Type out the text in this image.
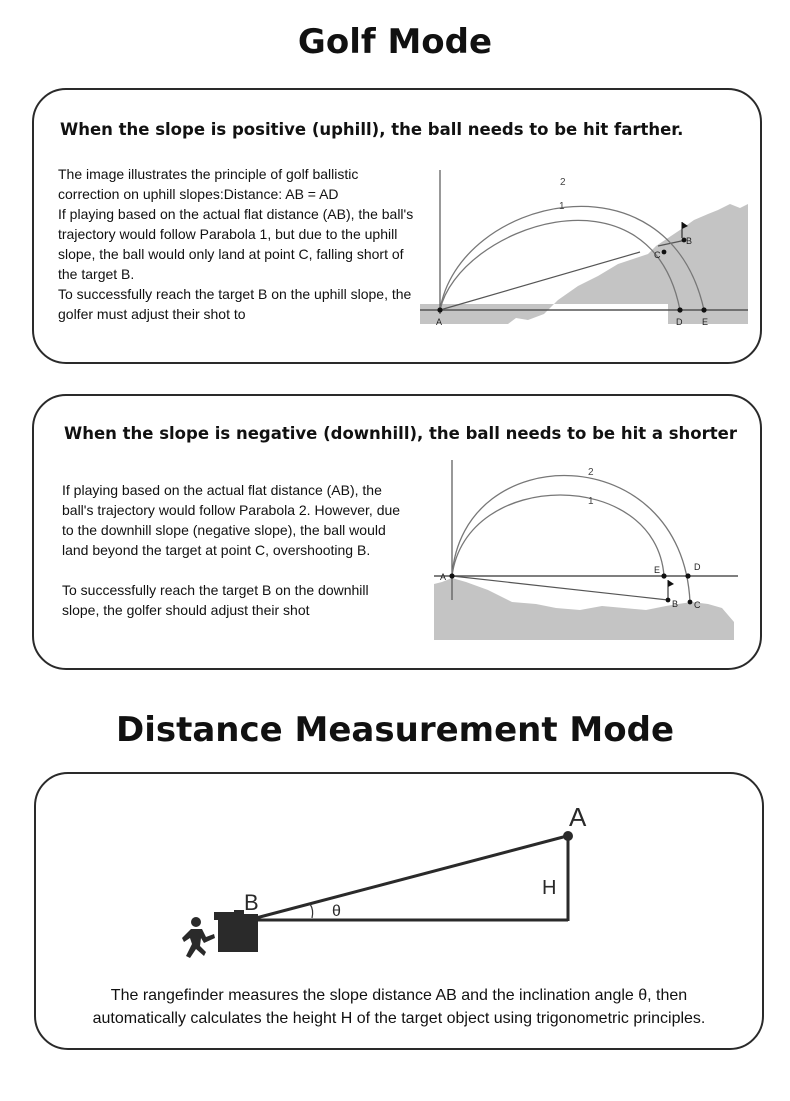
Golf Mode
When the slope is positive (uphill), the ball needs to be hit farther.

The image illustrates the principle of golf ballistic

correction on uphill slopes:Distance: AB = AD

If playing based on the actual flat distance (AB), the ball's

trajectory would follow Parabola 1, but due to the uphill

slope, the ball would only land at point C, falling short of

the target B.

To successfully reach the target B on the uphill slope, the

golfer must adjust their shot to

2
1
A
B
C
D E
When the slope is negative (downhill), the ball needs to be hit a shorter

If playing based on the actual flat distance (AB), the

ball's trajectory would follow Parabola 2. However, due

to the downhill slope (negative slope), the ball would

land beyond the target at point C, overshooting B.

To successfully reach the target B on the downhill

slope, the golfer should adjust their shot

2
1
A
E	D
B C
Distance Measurement Mode
A
B
H
θ

The rangefinder measures the slope distance AB and the inclination angle θ, then

automatically calculates the height H of the target object using trigonometric principles.
